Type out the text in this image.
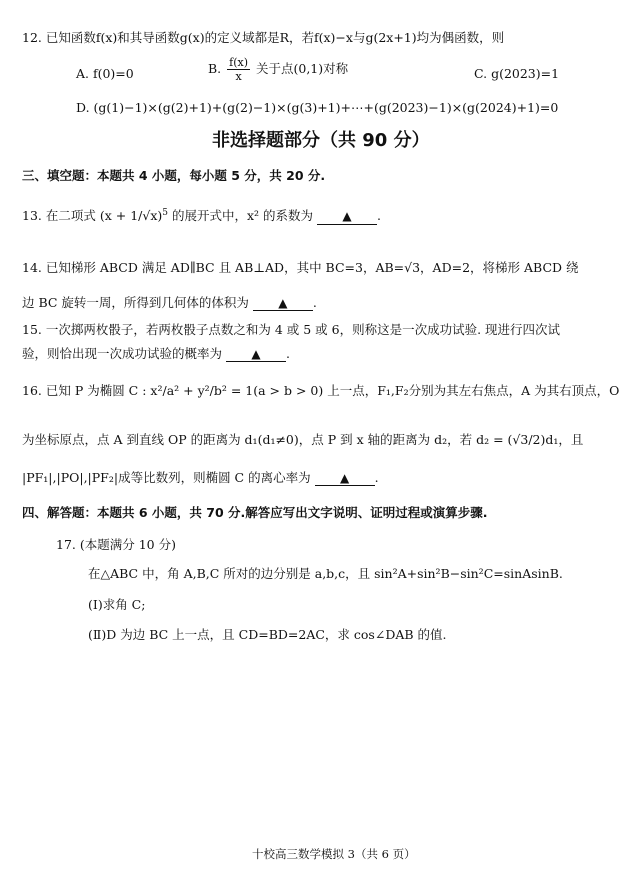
12. 已知函数f(x)和其导函数g(x)的定义域都是R，若f(x)−x与g(2x+1)均为偶函数，则
A. f(0)=0	B. $\frac{f(x)}{x}$ 关于点(0,1)对称	C. g(2023)=1
D. (g(1)−1)×(g(2)+1)+(g(2)−1)×(g(3)+1)+⋯+(g(2023)−1)×(g(2024)+1)=0
非选择题部分（共 90 分）
三、填空题：本题共 4 小题，每小题 5 分，共 20 分.
13. 在二项式 $(x + 1/√x)^5$ 的展开式中，x² 的系数为 ▲ .
14. 已知梯形 ABCD 满足 AD∥BC 且 AB⊥AD，其中 BC=3，AB=√3，AD=2，将梯形 ABCD 绕
边 BC 旋转一周，所得到几何体的体积为 ▲ .
15. 一次掷两枚骰子，若两枚骰子点数之和为 4 或 5 或 6，则称这是一次成功试验. 现进行四次试
验，则恰出现一次成功试验的概率为 ▲ .
16. 已知 P 为椭圆 C : x²/a² + y²/b² = 1(a > b > 0) 上一点，F₁,F₂分别为其左右焦点，A 为其右顶点，O
为坐标原点，点 A 到直线 OP 的距离为 d₁(d₁≠0)，点 P 到 x 轴的距离为 d₂，若 d₂ = (√3/2)d₁，且
|PF₁|,|PO|,|PF₂|成等比数列，则椭圆 C 的离心率为 ▲ .
四、解答题：本题共 6 小题，共 70 分.解答应写出文字说明、证明过程或演算步骤.
17. (本题满分 10 分)
在△ABC 中，角 A,B,C 所对的边分别是 a,b,c，且 sin²A+sin²B−sin²C=sinAsinB.
(Ⅰ)求角 C;
(Ⅱ)D 为边 BC 上一点，且 CD=BD=2AC，求 cos∠DAB 的值.
十校高三数学模拟 3（共 6 页）
